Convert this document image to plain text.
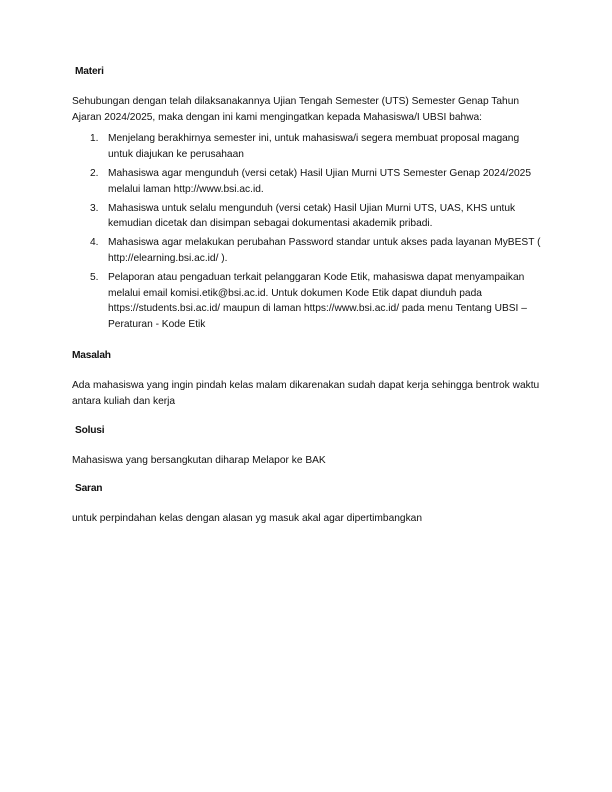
Materi

Sehubungan dengan telah dilaksanakannya Ujian Tengah Semester (UTS) Semester Genap Tahun Ajaran 2024/2025, maka dengan ini kami mengingatkan kepada Mahasiswa/I UBSI bahwa:

1. Menjelang berakhirnya semester ini, untuk mahasiswa/i segera membuat proposal magang untuk diajukan ke perusahaan
2. Mahasiswa agar mengunduh (versi cetak) Hasil Ujian Murni UTS Semester Genap 2024/2025 melalui laman http://www.bsi.ac.id.
3. Mahasiswa untuk selalu mengunduh (versi cetak) Hasil Ujian Murni UTS, UAS, KHS untuk kemudian dicetak dan disimpan sebagai dokumentasi akademik pribadi.
4. Mahasiswa agar melakukan perubahan Password standar untuk akses pada layanan MyBEST ( http://elearning.bsi.ac.id/ ).
5. Pelaporan atau pengaduan terkait pelanggaran Kode Etik, mahasiswa dapat menyampaikan melalui email komisi.etik@bsi.ac.id. Untuk dokumen Kode Etik dapat diunduh pada https://students.bsi.ac.id/ maupun di laman https://www.bsi.ac.id/ pada menu Tentang UBSI – Peraturan - Kode Etik

Masalah

Ada mahasiswa yang ingin pindah kelas malam dikarenakan sudah dapat kerja sehingga bentrok waktu antara kuliah dan kerja

Solusi

Mahasiswa yang bersangkutan diharap Melapor ke BAK

Saran

untuk perpindahan kelas dengan alasan yg masuk akal agar dipertimbangkan
